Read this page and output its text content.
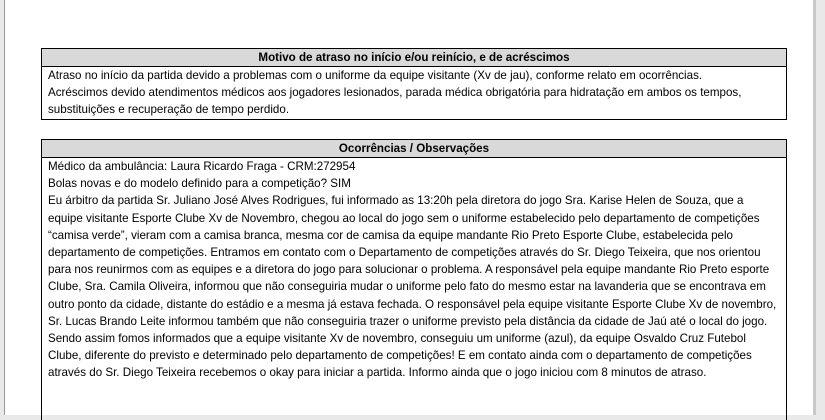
Motivo de atraso no início e/ou reinício, e de acréscimos

Atraso no início da partida devido a problemas com o uniforme da equipe visitante (Xv de jau), conforme relato em ocorrências.

Acréscimos devido atendimentos médicos aos jogadores lesionados, parada médica obrigatória para hidratação em ambos os tempos, substituições e recuperação de tempo perdido.

Ocorrências / Observações

Médico da ambulância: Laura Ricardo Fraga - CRM:272954

Bolas novas e do modelo definido para a competição? SIM

Eu árbitro da partida Sr. Juliano José Alves Rodrigues, fui informado as 13:20h pela diretora do jogo Sra. Karise Helen de Souza, que a equipe visitante Esporte Clube Xv de Novembro, chegou ao local do jogo sem o uniforme estabelecido pelo departamento de competições “camisa verde”, vieram com a camisa branca, mesma cor de camisa da equipe mandante Rio Preto Esporte Clube, estabelecida pelo departamento de competições. Entramos em contato com o Departamento de competições através do Sr. Diego Teixeira, que nos orientou para nos reunirmos com as equipes e a diretora do jogo para solucionar o problema. A responsável pela equipe mandante Rio Preto esporte Clube, Sra. Camila Oliveira, informou que não conseguiria mudar o uniforme pelo fato do mesmo estar na lavanderia que se encontrava em outro ponto da cidade, distante do estádio e a mesma já estava fechada. O responsável pela equipe visitante Esporte Clube Xv de novembro, Sr. Lucas Brando Leite informou também que não conseguiria trazer o uniforme previsto pela distância da cidade de Jaú até o local do jogo. Sendo assim fomos informados que a equipe visitante Xv de novembro, conseguiu um uniforme (azul), da equipe Osvaldo Cruz Futebol Clube, diferente do previsto e determinado pelo departamento de competições! E em contato ainda com o departamento de competições através do Sr. Diego Teixeira recebemos o okay para iniciar a partida. Informo ainda que o jogo iniciou com 8 minutos de atraso.
